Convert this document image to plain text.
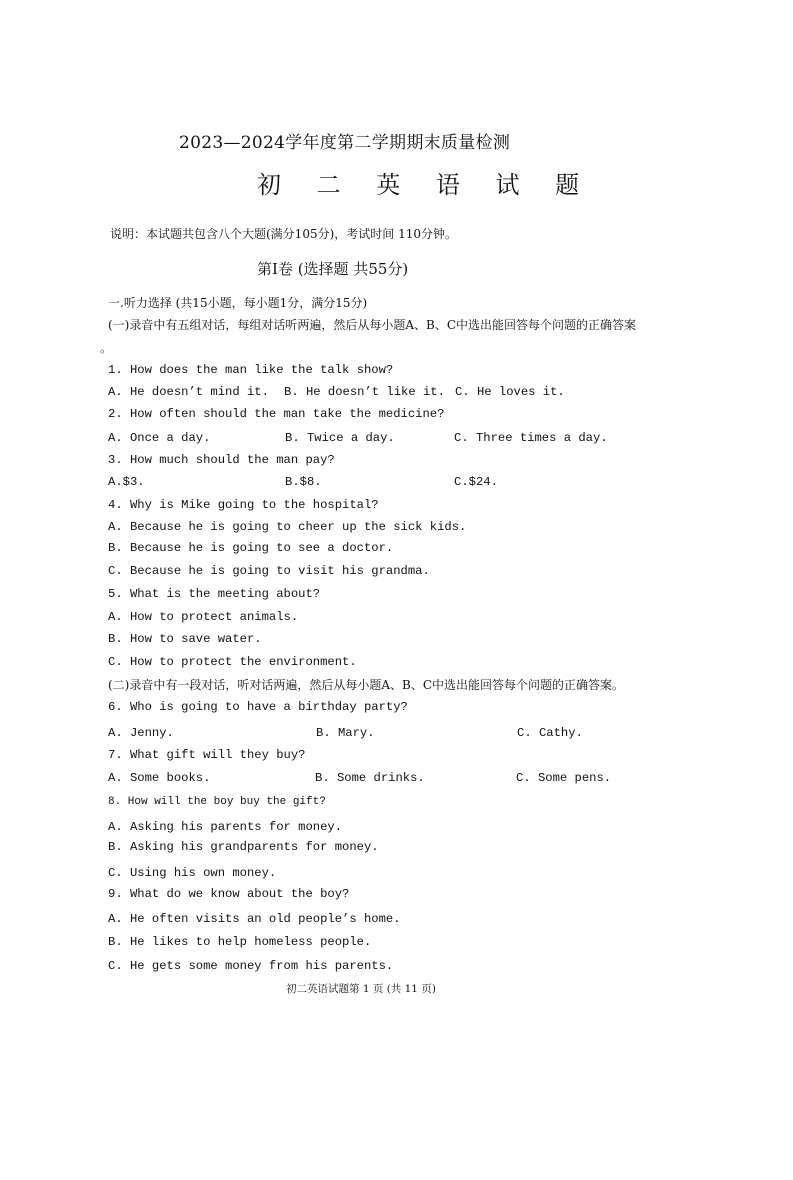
2023—2024学年度第二学期期末质量检测
初 二 英 语 试 题
说明：本试题共包含八个大题(满分105分)，考试时间 110分钟。
第Ⅰ卷 (选择题 共55分)
一.听力选择 (共15小题，每小题1分，满分15分)
(一)录音中有五组对话，每组对话听两遍，然后从每小题A、B、C中选出能回答每个问题的正确答案
。
1. How does the man like the talk show?
A. He doesn’t mind it. B. He doesn’t like it. C. He loves it.
2. How often should the man take the medicine?
A. Once a day.	B. Twice a day.	C. Three times a day.
3. How much should the man pay?
A.$3.	B.$8.	C.$24.
4. Why is Mike going to the hospital?
A. Because he is going to cheer up the sick kids.
B. Because he is going to see a doctor.
C. Because he is going to visit his grandma.
5. What is the meeting about?
A. How to protect animals.
B. How to save water.
C. How to protect the environment.
(二)录音中有一段对话，听对话两遍，然后从每小题A、B、C中选出能回答每个问题的正确答案。
6. Who is going to have a birthday party?
A. Jenny.	B. Mary.	C. Cathy.
7. What gift will they buy?
A. Some books.	B. Some drinks.	C. Some pens.
8. How will the boy buy the gift?
A. Asking his parents for money.
B. Asking his grandparents for money.
C. Using his own money.
9. What do we know about the boy?
A. He often visits an old people’s home.
B. He likes to help homeless people.
C. He gets some money from his parents.
初二英语试题第 1 页 (共 11 页)
